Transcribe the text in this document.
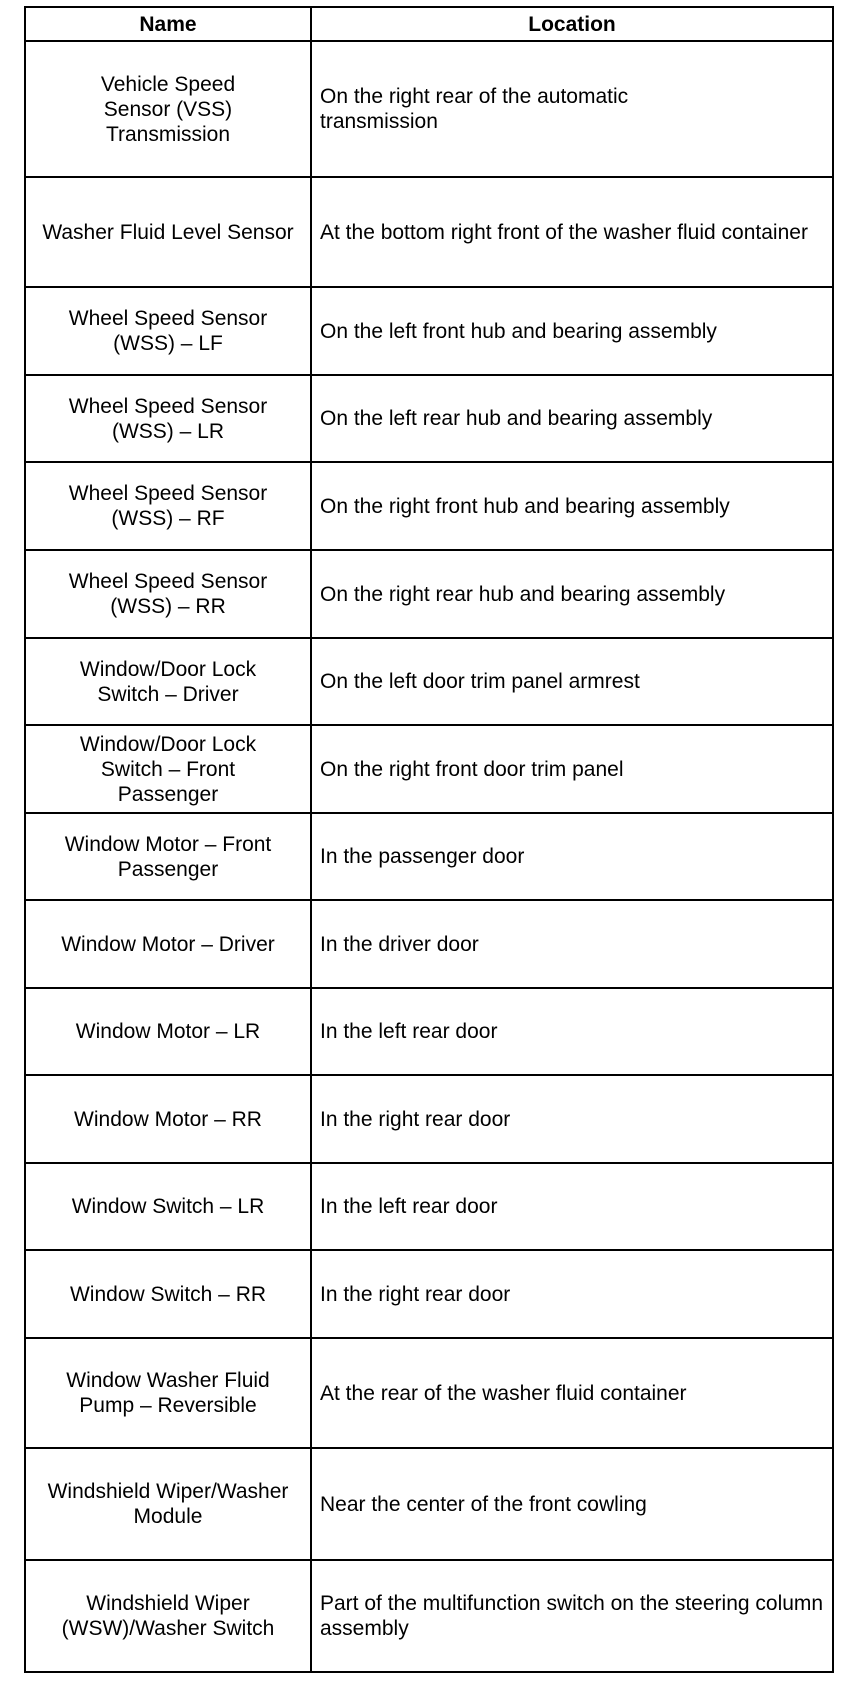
Name	Location
Vehicle Speed Sensor (VSS) Transmission	On the right rear of the automatic transmission
Washer Fluid Level Sensor	At the bottom right front of the washer fluid container
Wheel Speed Sensor (WSS) – LF	On the left front hub and bearing assembly
Wheel Speed Sensor (WSS) – LR	On the left rear hub and bearing assembly
Wheel Speed Sensor (WSS) – RF	On the right front hub and bearing assembly
Wheel Speed Sensor (WSS) – RR	On the right rear hub and bearing assembly
Window/Door Lock Switch – Driver	On the left door trim panel armrest
Window/Door Lock Switch – Front Passenger	On the right front door trim panel
Window Motor – Front Passenger	In the passenger door
Window Motor – Driver	In the driver door
Window Motor – LR	In the left rear door
Window Motor – RR	In the right rear door
Window Switch – LR	In the left rear door
Window Switch – RR	In the right rear door
Window Washer Fluid Pump – Reversible	At the rear of the washer fluid container
Windshield Wiper/Washer Module	Near the center of the front cowling
Windshield Wiper (WSW)/Washer Switch	Part of the multifunction switch on the steering column assembly
